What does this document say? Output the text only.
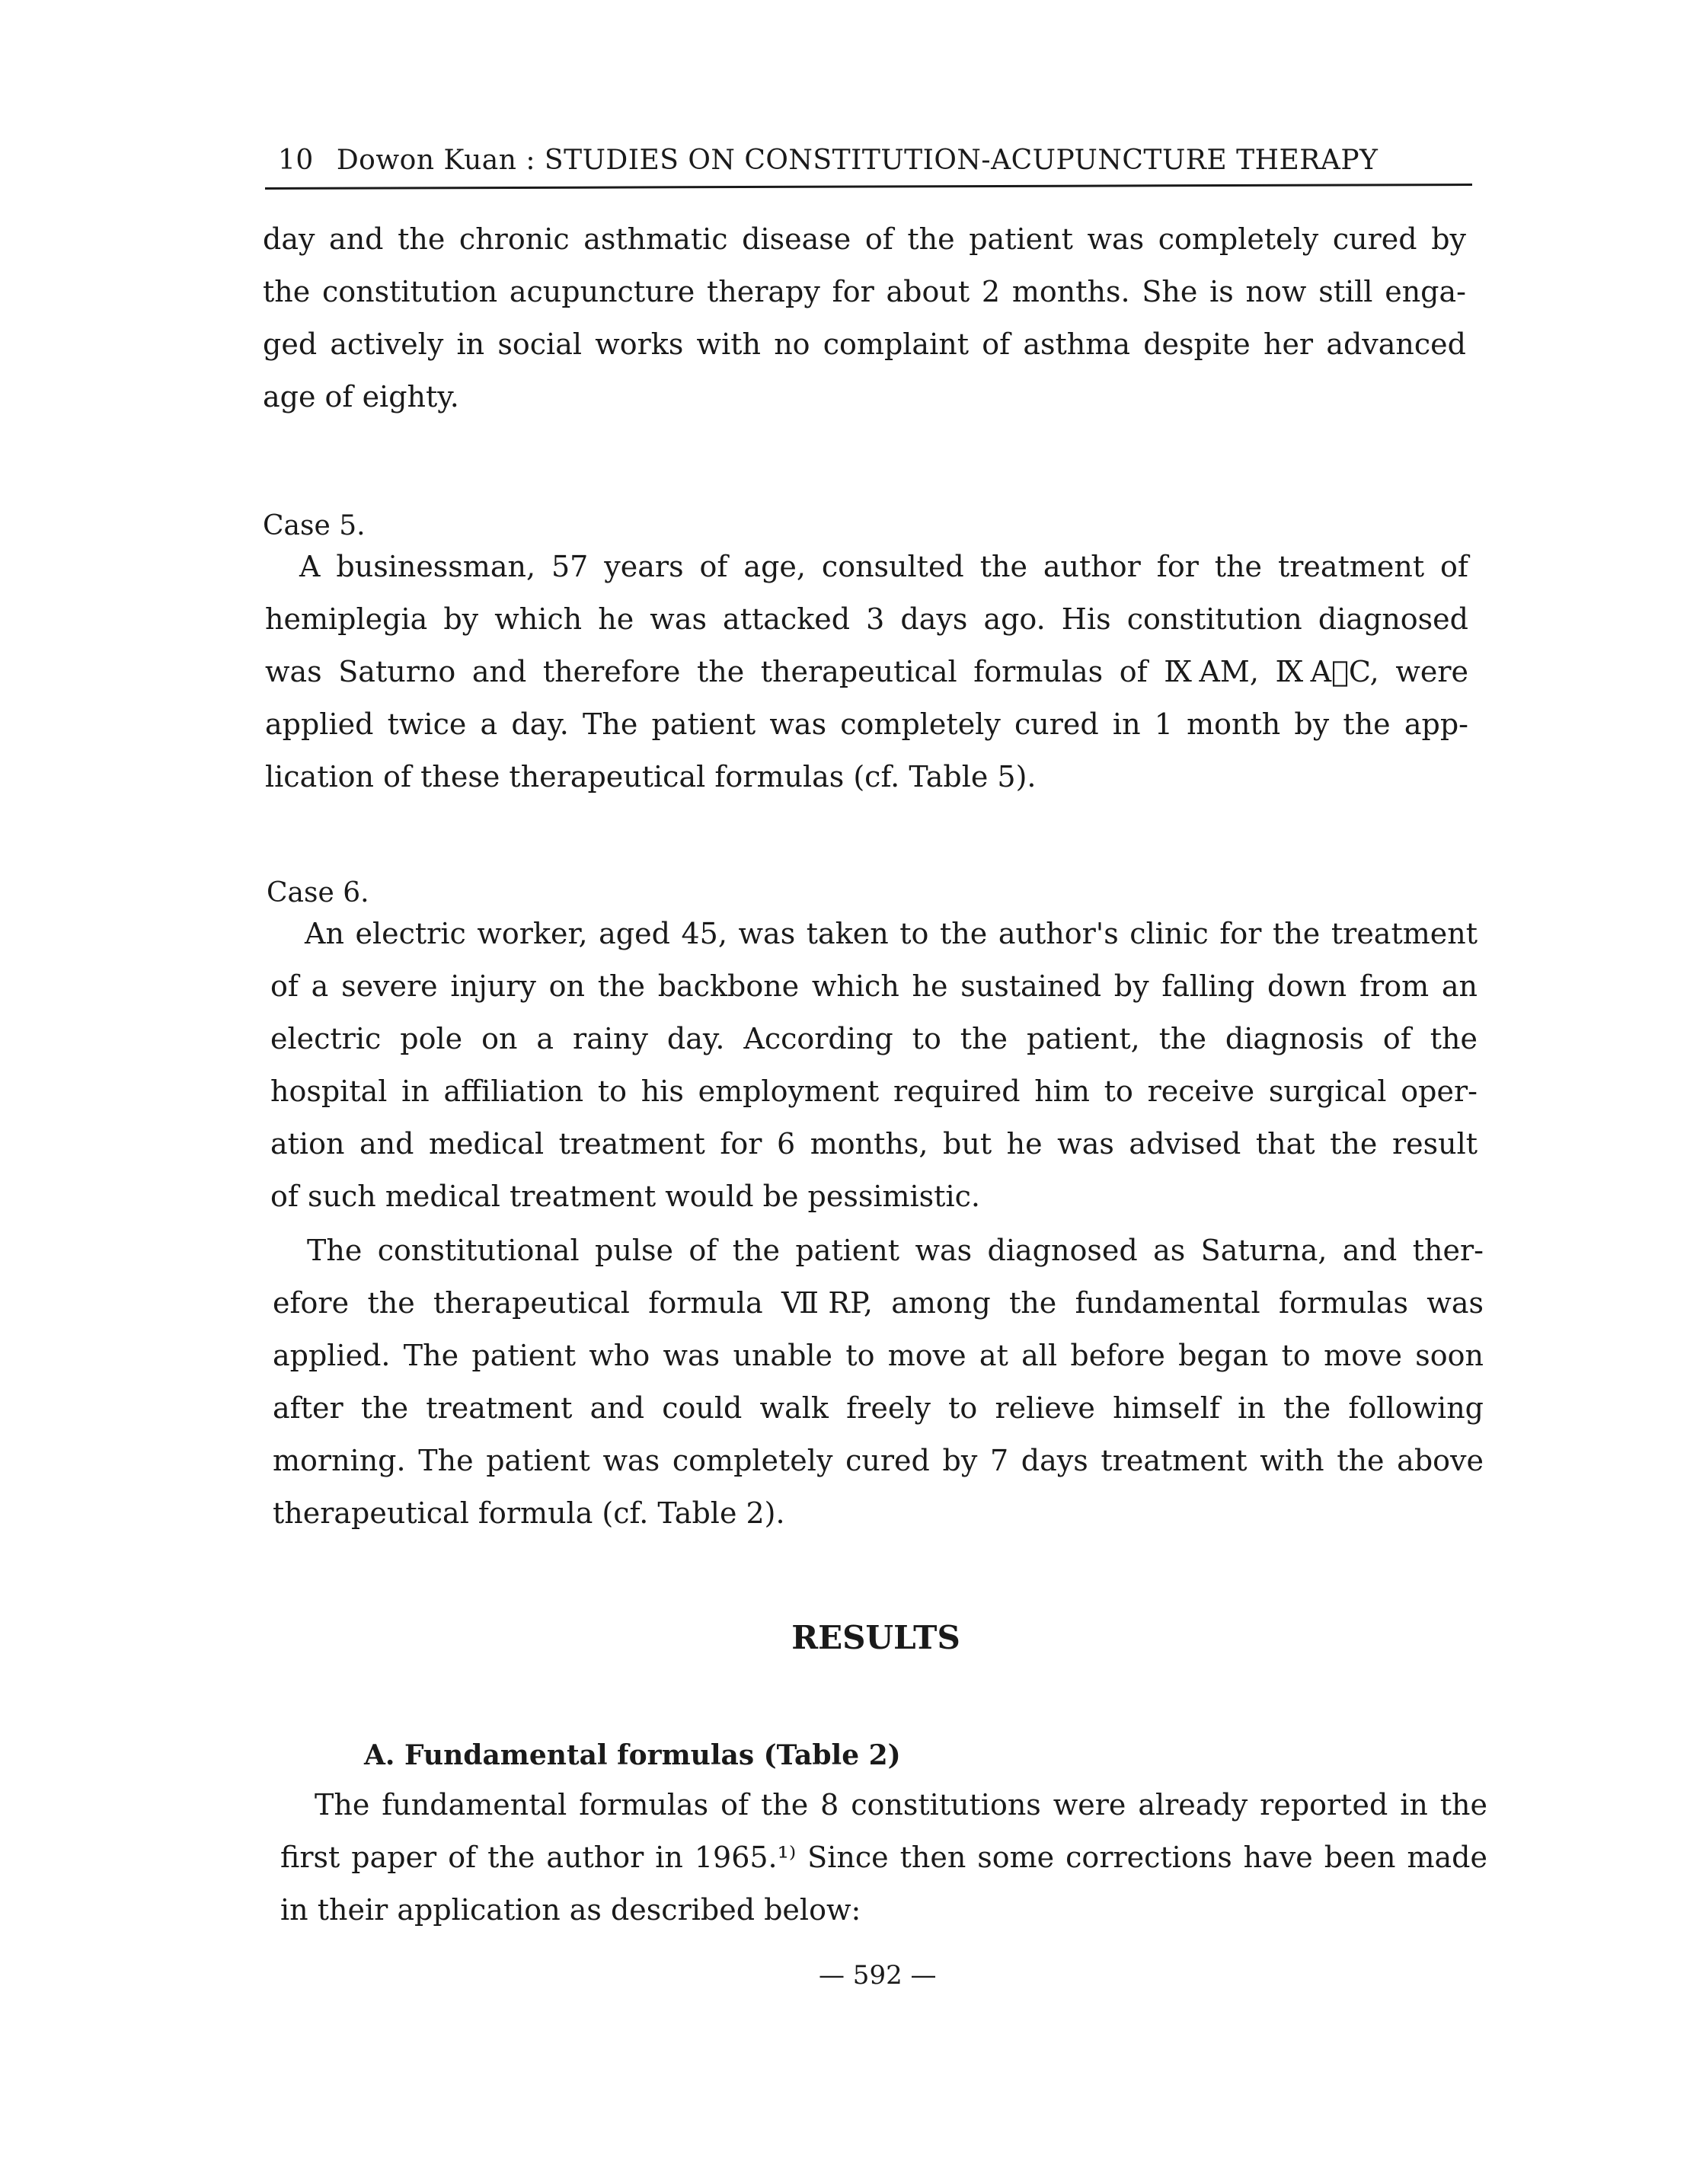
10 Dowon Kuan : STUDIES ON CONSTITUTION-ACUPUNCTURE THERAPY
day and the chronic asthmatic disease of the patient was completely cured by
the constitution acupuncture therapy for about 2 months. She is now still enga-
ged actively in social works with no complaint of asthma despite her advanced
age of eighty.
Case 5.
A businessman, 57 years of age, consulted the author for the treatment of
hemiplegia by which he was attacked 3 days ago. His constitution diagnosed
was Saturno and therefore the therapeutical formulas of ⅨAM, ⅨA⃟C, were
applied twice a day. The patient was completely cured in 1 month by the app-
lication of these therapeutical formulas (cf. Table 5).
Case 6.
An electric worker, aged 45, was taken to the author's clinic for the treatment
of a severe injury on the backbone which he sustained by falling down from an
electric pole on a rainy day. According to the patient, the diagnosis of the
hospital in affiliation to his employment required him to receive surgical oper-
ation and medical treatment for 6 months, but he was advised that the result
of such medical treatment would be pessimistic.
The constitutional pulse of the patient was diagnosed as Saturna, and ther-
efore the therapeutical formula ⅦRP, among the fundamental formulas was
applied. The patient who was unable to move at all before began to move soon
after the treatment and could walk freely to relieve himself in the following
morning. The patient was completely cured by 7 days treatment with the above
therapeutical formula (cf. Table 2).
RESULTS
A. Fundamental formulas (Table 2)
The fundamental formulas of the 8 constitutions were already reported in the
first paper of the author in 1965.¹⁾ Since then some corrections have been made
in their application as described below:
— 592 —
